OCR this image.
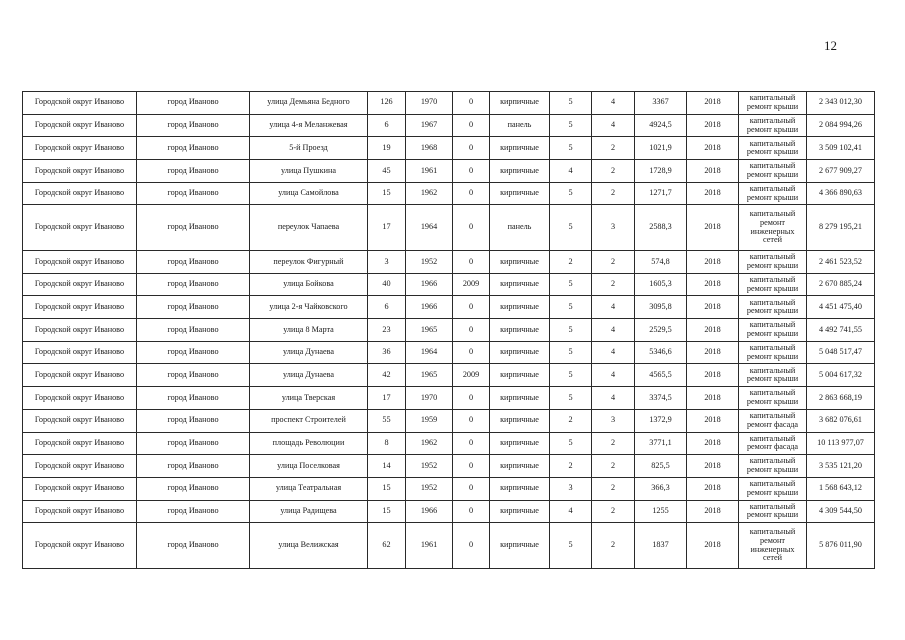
12
Городской округ Иваново	город Иваново	улица Демьяна Бедного	126	1970	0	кирпичные	5	4	3367	2018	капитальный ремонт крыши	2 343 012,30
Городской округ Иваново	город Иваново	улица 4-я Меланжевая	6	1967	0	панель	5	4	4924,5	2018	капитальный ремонт крыши	2 084 994,26
Городской округ Иваново	город Иваново	5-й Проезд	19	1968	0	кирпичные	5	2	1021,9	2018	капитальный ремонт крыши	3 509 102,41
Городской округ Иваново	город Иваново	улица Пушкина	45	1961	0	кирпичные	4	2	1728,9	2018	капитальный ремонт крыши	2 677 909,27
Городской округ Иваново	город Иваново	улица Самойлова	15	1962	0	кирпичные	5	2	1271,7	2018	капитальный ремонт крыши	4 366 890,63
Городской округ Иваново	город Иваново	переулок Чапаева	17	1964	0	панель	5	3	2588,3	2018	капитальный ремонт инженерных сетей	8 279 195,21
Городской округ Иваново	город Иваново	переулок Фигурный	3	1952	0	кирпичные	2	2	574,8	2018	капитальный ремонт крыши	2 461 523,52
Городской округ Иваново	город Иваново	улица Бойкова	40	1966	2009	кирпичные	5	2	1605,3	2018	капитальный ремонт крыши	2 670 885,24
Городской округ Иваново	город Иваново	улица 2-я Чайковского	6	1966	0	кирпичные	5	4	3095,8	2018	капитальный ремонт крыши	4 451 475,40
Городской округ Иваново	город Иваново	улица 8 Марта	23	1965	0	кирпичные	5	4	2529,5	2018	капитальный ремонт крыши	4 492 741,55
Городской округ Иваново	город Иваново	улица Дунаева	36	1964	0	кирпичные	5	4	5346,6	2018	капитальный ремонт крыши	5 048 517,47
Городской округ Иваново	город Иваново	улица Дунаева	42	1965	2009	кирпичные	5	4	4565,5	2018	капитальный ремонт крыши	5 004 617,32
Городской округ Иваново	город Иваново	улица Тверская	17	1970	0	кирпичные	5	4	3374,5	2018	капитальный ремонт крыши	2 863 668,19
Городской округ Иваново	город Иваново	проспект Строителей	55	1959	0	кирпичные	2	3	1372,9	2018	капитальный ремонт фасада	3 682 076,61
Городской округ Иваново	город Иваново	площадь Революции	8	1962	0	кирпичные	5	2	3771,1	2018	капитальный ремонт фасада	10 113 977,07
Городской округ Иваново	город Иваново	улица Поселковая	14	1952	0	кирпичные	2	2	825,5	2018	капитальный ремонт крыши	3 535 121,20
Городской округ Иваново	город Иваново	улица Театральная	15	1952	0	кирпичные	3	2	366,3	2018	капитальный ремонт крыши	1 568 643,12
Городской округ Иваново	город Иваново	улица Радищева	15	1966	0	кирпичные	4	2	1255	2018	капитальный ремонт крыши	4 309 544,50
Городской округ Иваново	город Иваново	улица Велижская	62	1961	0	кирпичные	5	2	1837	2018	капитальный ремонт инженерных сетей	5 876 011,90
